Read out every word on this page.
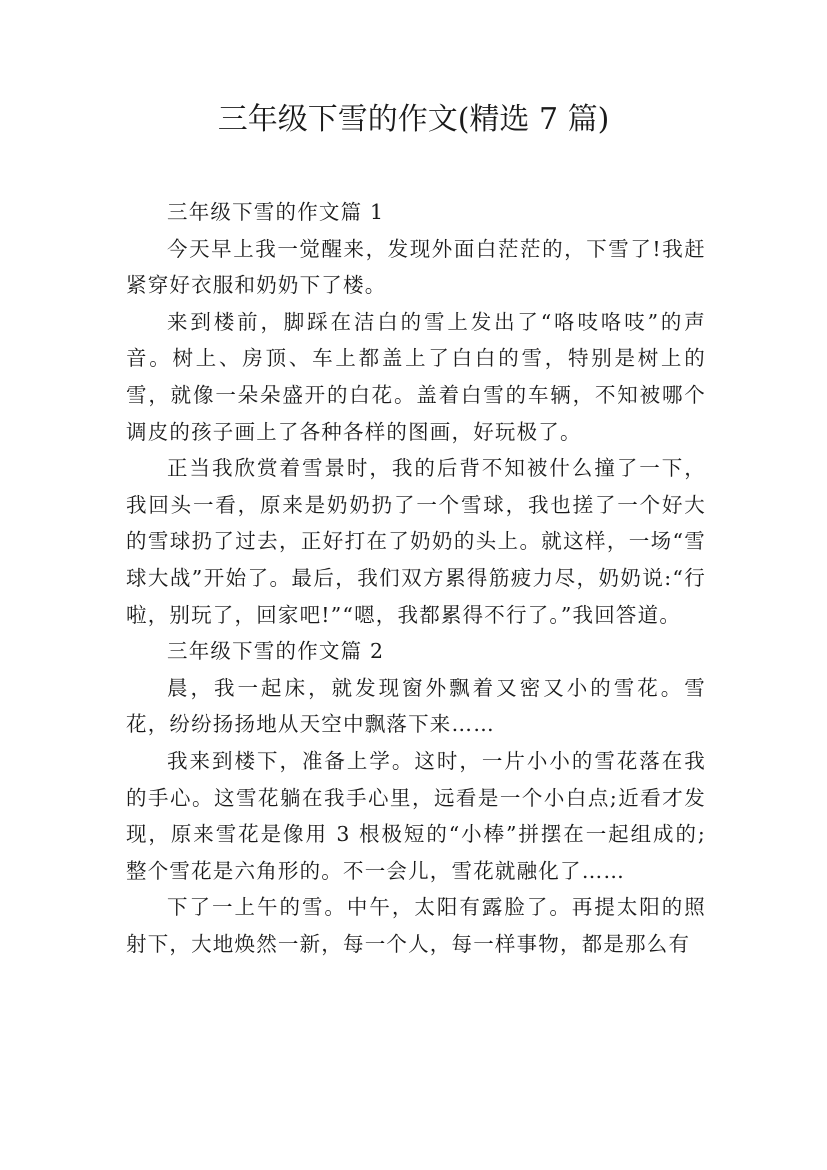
三年级下雪的作文(精选 7 篇)

三年级下雪的作文篇 1

今天早上我一觉醒来，发现外面白茫茫的，下雪了!我赶紧穿好衣服和奶奶下了楼。

来到楼前，脚踩在洁白的雪上发出了“咯吱咯吱”的声音。树上、房顶、车上都盖上了白白的雪，特别是树上的雪，就像一朵朵盛开的白花。盖着白雪的车辆，不知被哪个调皮的孩子画上了各种各样的图画，好玩极了。

正当我欣赏着雪景时，我的后背不知被什么撞了一下，我回头一看，原来是奶奶扔了一个雪球，我也搓了一个好大的雪球扔了过去，正好打在了奶奶的头上。就这样，一场“雪球大战”开始了。最后，我们双方累得筋疲力尽，奶奶说:“行啦，别玩了，回家吧!”“嗯，我都累得不行了。”我回答道。

三年级下雪的作文篇 2

晨，我一起床，就发现窗外飘着又密又小的雪花。雪花，纷纷扬扬地从天空中飘落下来……

我来到楼下，准备上学。这时，一片小小的雪花落在我的手心。这雪花躺在我手心里，远看是一个小白点;近看才发现，原来雪花是像用 3 根极短的“小棒”拼摆在一起组成的;整个雪花是六角形的。不一会儿，雪花就融化了……

下了一上午的雪。中午，太阳有露脸了。再提太阳的照射下，大地焕然一新，每一个人，每一样事物，都是那么有
